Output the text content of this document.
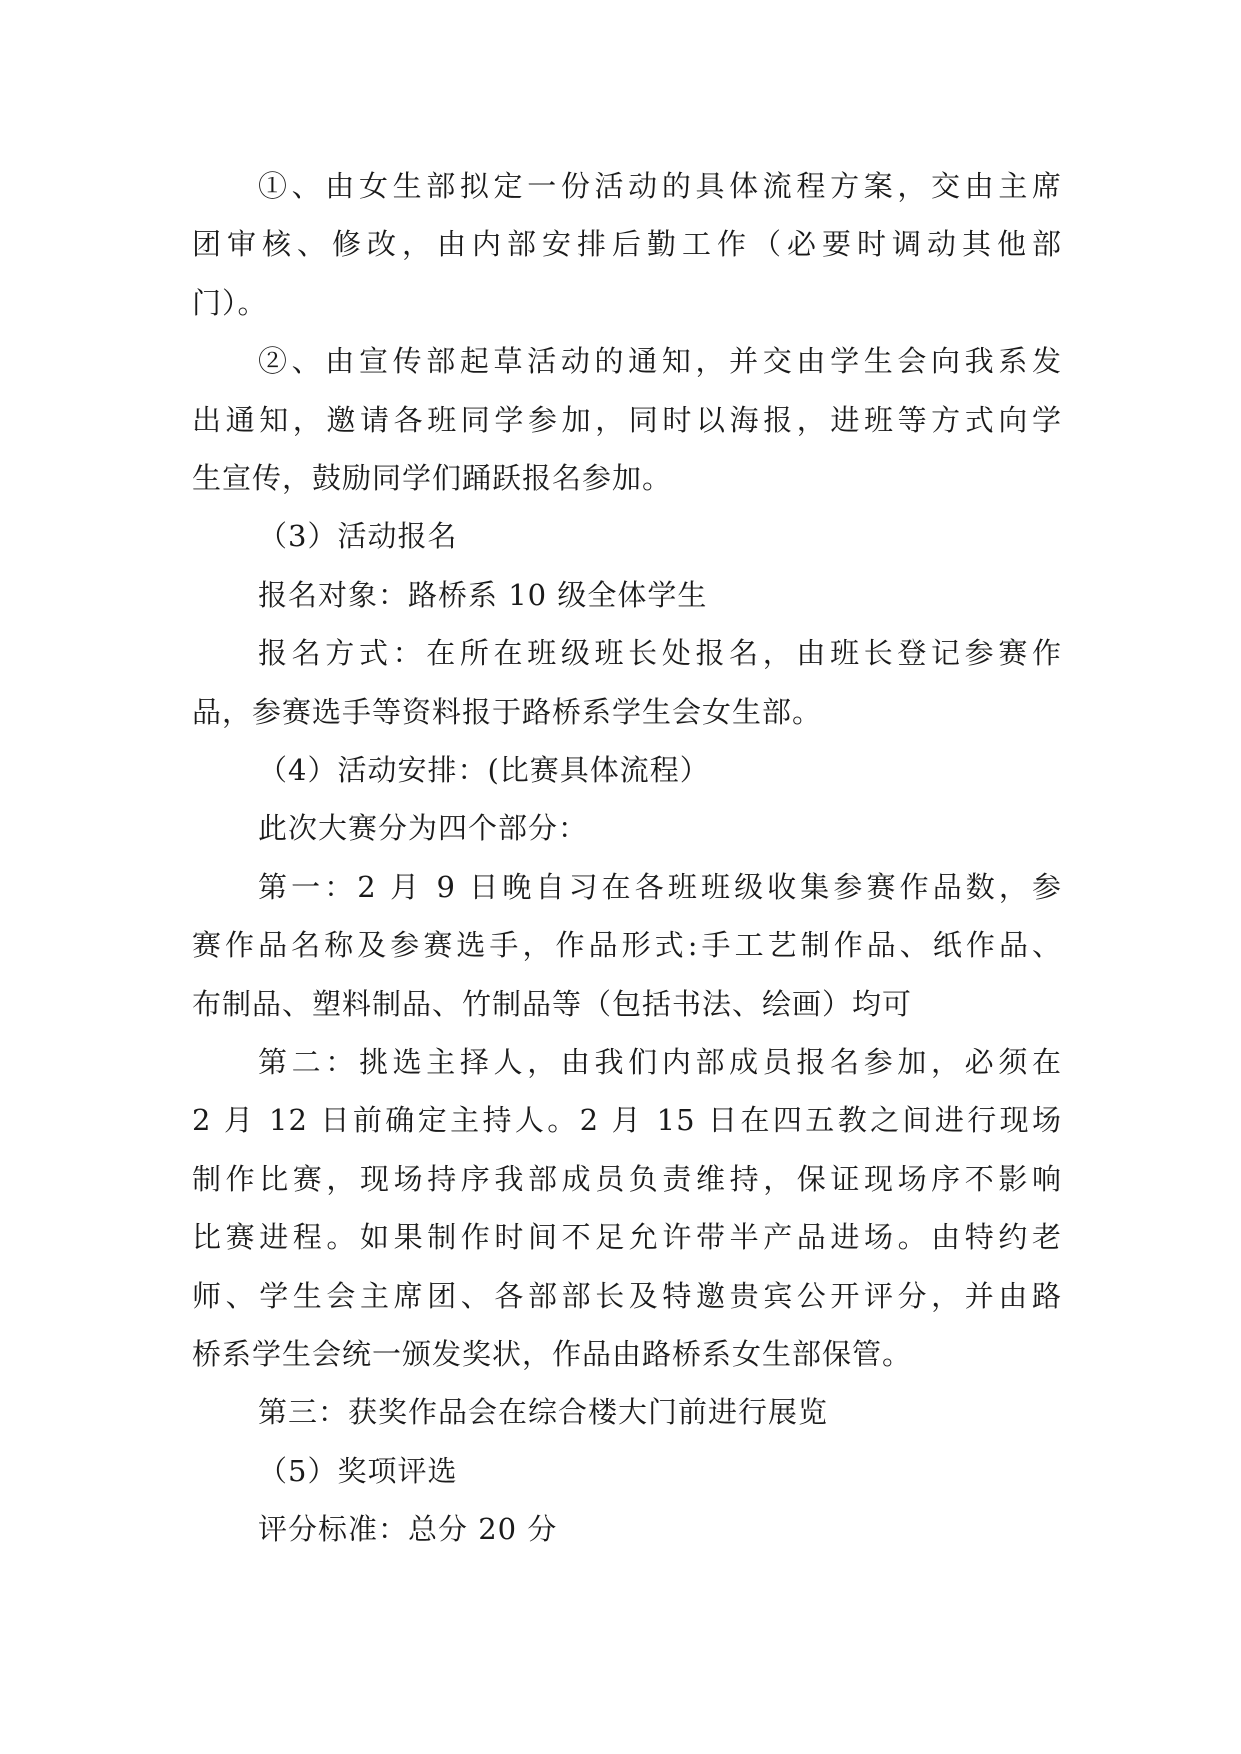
①、由女生部拟定一份活动的具体流程方案，交由主席
团审核、修改，由内部安排后勤工作（必要时调动其他部
门）。
②、由宣传部起草活动的通知，并交由学生会向我系发
出通知，邀请各班同学参加，同时以海报，进班等方式向学
生宣传，鼓励同学们踊跃报名参加。
（3）活动报名
报名对象：路桥系 10 级全体学生
报名方式：在所在班级班长处报名，由班长登记参赛作
品，参赛选手等资料报于路桥系学生会女生部。
（4）活动安排：(比赛具体流程）
此次大赛分为四个部分：
第一：2 月 9 日晚自习在各班班级收集参赛作品数，参
赛作品名称及参赛选手，作品形式:手工艺制作品、纸作品、
布制品、塑料制品、竹制品等（包括书法、绘画）均可
第二：挑选主择人，由我们内部成员报名参加，必须在
2 月 12 日前确定主持人。2 月 15 日在四五教之间进行现场
制作比赛，现场持序我部成员负责维持，保证现场序不影响
比赛进程。如果制作时间不足允许带半产品进场。由特约老
师、学生会主席团、各部部长及特邀贵宾公开评分，并由路
桥系学生会统一颁发奖状，作品由路桥系女生部保管。
第三：获奖作品会在综合楼大门前进行展览
（5）奖项评选
评分标准：总分 20 分
